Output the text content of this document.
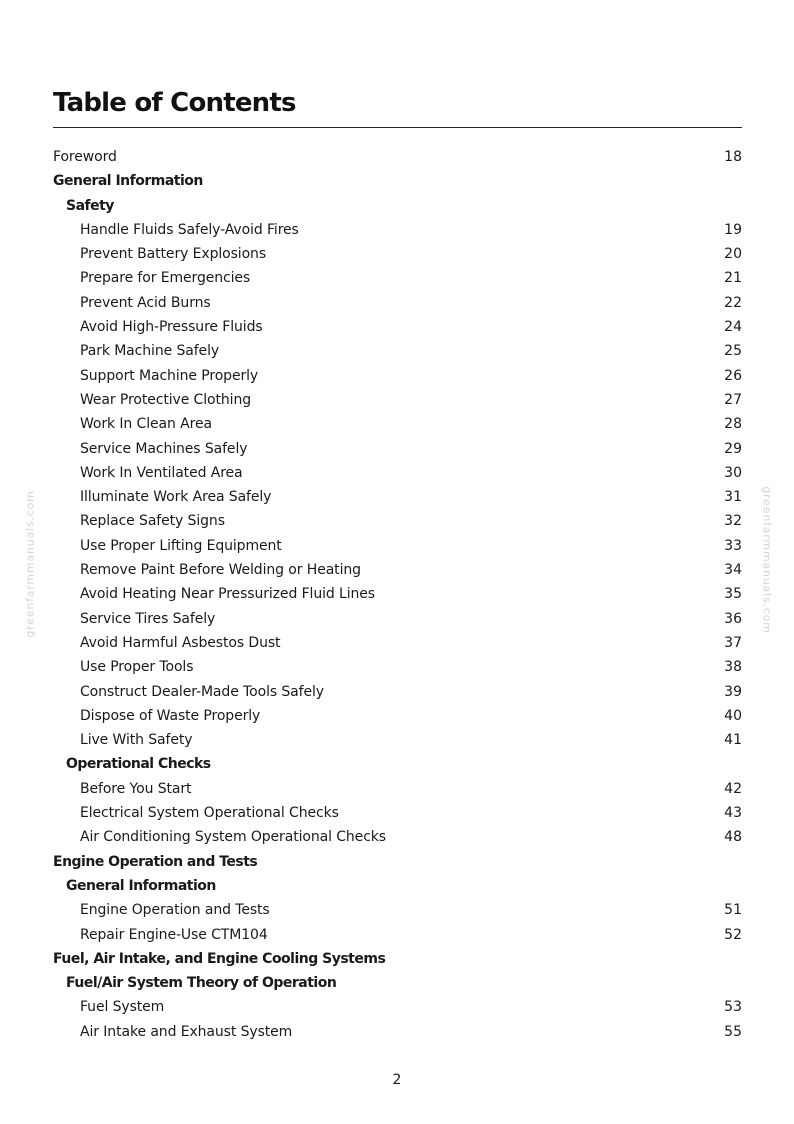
Table of Contents
Foreword	18
General Information
Safety
Handle Fluids Safely-Avoid Fires	19
Prevent Battery Explosions	20
Prepare for Emergencies	21
Prevent Acid Burns	22
Avoid High-Pressure Fluids	24
Park Machine Safely	25
Support Machine Properly	26
Wear Protective Clothing	27
Work In Clean Area	28
Service Machines Safely	29
Work In Ventilated Area	30
Illuminate Work Area Safely	31
Replace Safety Signs	32
Use Proper Lifting Equipment	33
Remove Paint Before Welding or Heating	34
Avoid Heating Near Pressurized Fluid Lines	35
Service Tires Safely	36
Avoid Harmful Asbestos Dust	37
Use Proper Tools	38
Construct Dealer-Made Tools Safely	39
Dispose of Waste Properly	40
Live With Safety	41
Operational Checks
Before You Start	42
Electrical System Operational Checks	43
Air Conditioning System Operational Checks	48
Engine Operation and Tests
General Information
Engine Operation and Tests	51
Repair Engine-Use CTM104	52
Fuel, Air Intake, and Engine Cooling Systems
Fuel/Air System Theory of Operation
Fuel System	53
Air Intake and Exhaust System	55
2
greenfarmmanuals.com	greenfarmmanuals.com
